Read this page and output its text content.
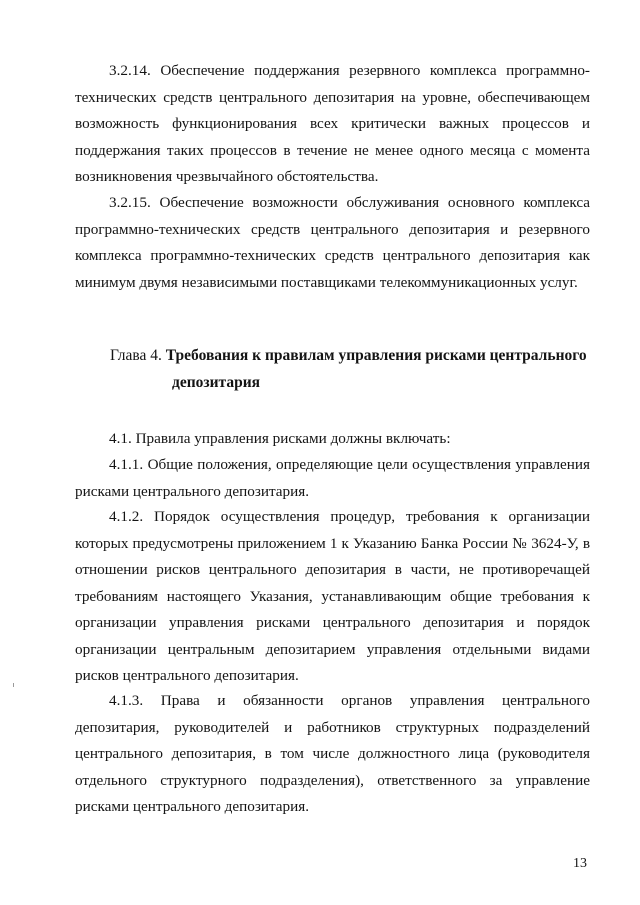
3.2.14. Обеспечение поддержания резервного комплекса программно-технических средств центрального депозитария на уровне, обеспечивающем возможность функционирования всех критически важных процессов и поддержания таких процессов в течение не менее одного месяца с момента возникновения чрезвычайного обстоятельства.

3.2.15. Обеспечение возможности обслуживания основного комплекса программно-технических средств центрального депозитария и резервного комплекса программно-технических средств центрального депозитария как минимум двумя независимыми поставщиками телекоммуникационных услуг.

Глава 4. Требования к правилам управления рисками центрального
депозитария

4.1. Правила управления рисками должны включать:

4.1.1. Общие положения, определяющие цели осуществления управления рисками центрального депозитария.

4.1.2. Порядок осуществления процедур, требования к организации которых предусмотрены приложением 1 к Указанию Банка России № 3624-У, в отношении рисков центрального депозитария в части, не противоречащей требованиям настоящего Указания, устанавливающим общие требования к организации управления рисками центрального депозитария и порядок организации центральным депозитарием управления отдельными видами рисков центрального депозитария.

4.1.3. Права и обязанности органов управления центрального депозитария, руководителей и работников структурных подразделений центрального депозитария, в том числе должностного лица (руководителя отдельного структурного подразделения), ответственного за управление рисками центрального депозитария.

13
